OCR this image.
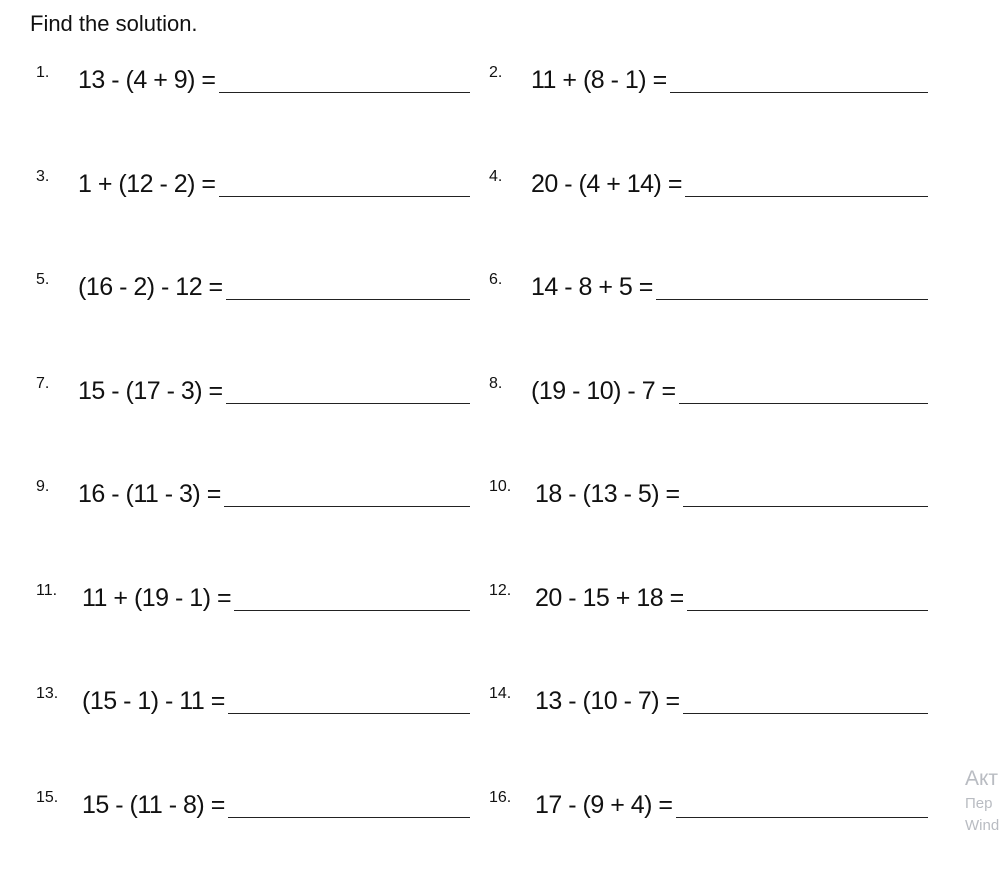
Find the solution.
1. 13 - (4 + 9) =	2. 11 + (8 - 1) =
3. 1 + (12 - 2) =	4. 20 - (4 + 14) =
5. (16 - 2) - 12 =	6. 14 - 8 + 5 =
7. 15 - (17 - 3) =	8. (19 - 10) - 7 =
9. 16 - (11 - 3) =	10. 18 - (13 - 5) =
11. 11 + (19 - 1) =	12. 20 - 15 + 18 =
13. (15 - 1) - 11 =	14. 13 - (10 - 7) =
15. 15 - (11 - 8) =	16. 17 - (9 + 4) =
Акт
Пер
Wind
